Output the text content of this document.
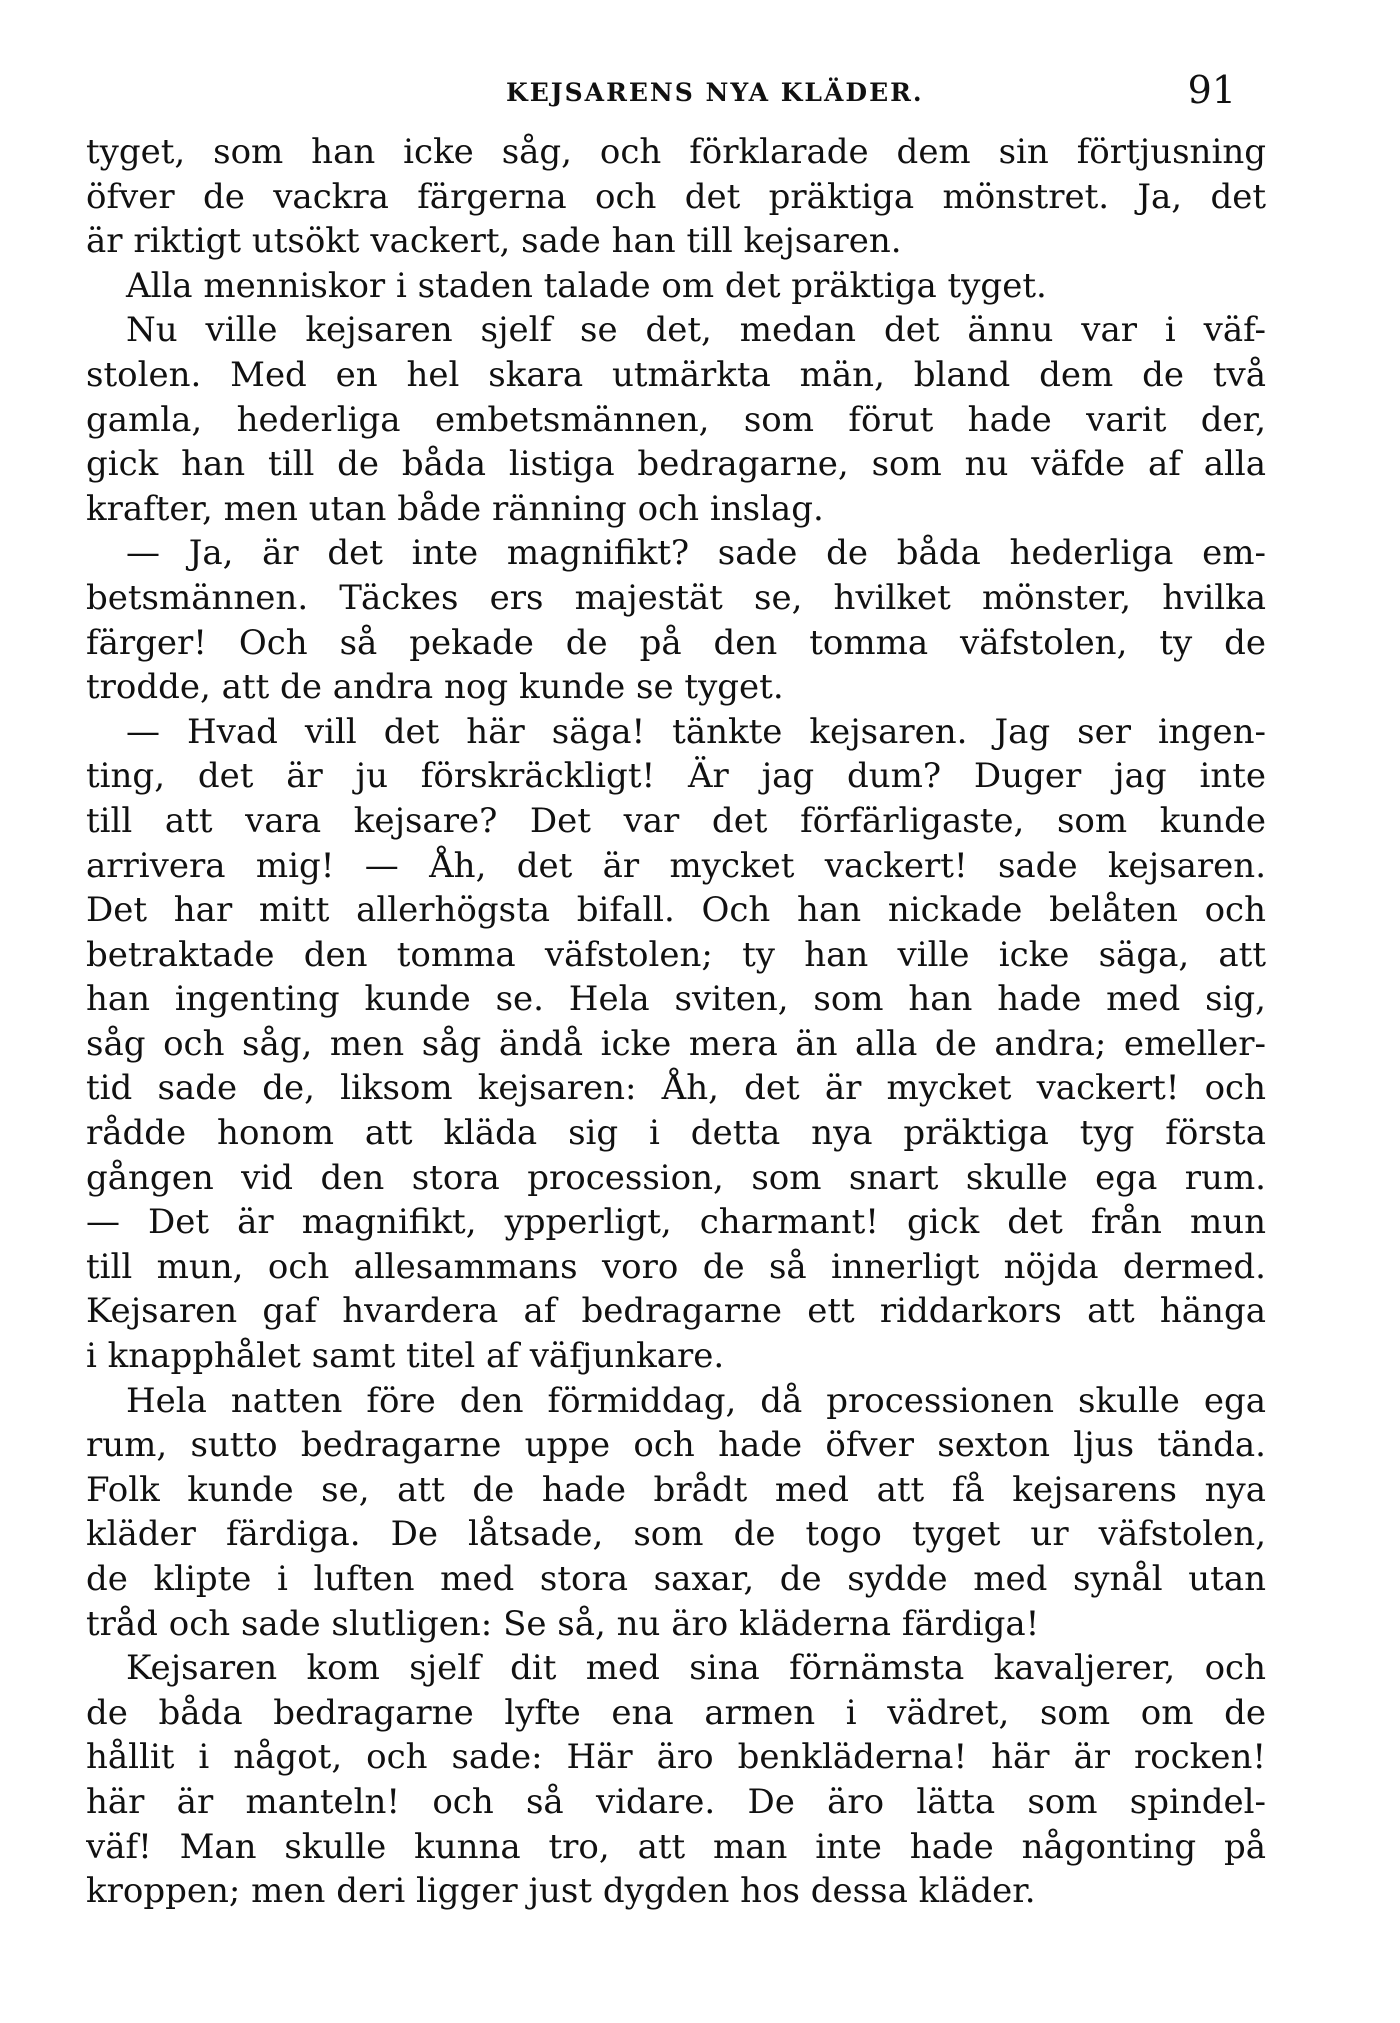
KEJSARENS NYA KLÄDER.	91
tyget, som han icke såg, och förklarade dem sin förtjusning
öfver de vackra färgerna och det präktiga mönstret. Ja, det
är riktigt utsökt vackert, sade han till kejsaren.
Alla menniskor i staden talade om det präktiga tyget.
Nu ville kejsaren sjelf se det, medan det ännu var i väf-
stolen. Med en hel skara utmärkta män, bland dem de två
gamla, hederliga embetsmännen, som förut hade varit der,
gick han till de båda listiga bedragarne, som nu väfde af alla
krafter, men utan både ränning och inslag.
— Ja, är det inte magnifikt? sade de båda hederliga em-
betsmännen. Täckes ers majestät se, hvilket mönster, hvilka
färger! Och så pekade de på den tomma väfstolen, ty de
trodde, att de andra nog kunde se tyget.
— Hvad vill det här säga! tänkte kejsaren. Jag ser ingen-
ting, det är ju förskräckligt! Är jag dum? Duger jag inte
till att vara kejsare? Det var det förfärligaste, som kunde
arrivera mig! — Åh, det är mycket vackert! sade kejsaren.
Det har mitt allerhögsta bifall. Och han nickade belåten och
betraktade den tomma väfstolen; ty han ville icke säga, att
han ingenting kunde se. Hela sviten, som han hade med sig,
såg och såg, men såg ändå icke mera än alla de andra; emeller-
tid sade de, liksom kejsaren: Åh, det är mycket vackert! och
rådde honom att kläda sig i detta nya präktiga tyg första
gången vid den stora procession, som snart skulle ega rum.
— Det är magnifikt, ypperligt, charmant! gick det från mun
till mun, och allesammans voro de så innerligt nöjda dermed.
Kejsaren gaf hvardera af bedragarne ett riddarkors att hänga
i knapphålet samt titel af väfjunkare.
Hela natten före den förmiddag, då processionen skulle ega
rum, sutto bedragarne uppe och hade öfver sexton ljus tända.
Folk kunde se, att de hade brådt med att få kejsarens nya
kläder färdiga. De låtsade, som de togo tyget ur väfstolen,
de klipte i luften med stora saxar, de sydde med synål utan
tråd och sade slutligen: Se så, nu äro kläderna färdiga!
Kejsaren kom sjelf dit med sina förnämsta kavaljerer, och
de båda bedragarne lyfte ena armen i vädret, som om de
hållit i något, och sade: Här äro benkläderna! här är rocken!
här är manteln! och så vidare. De äro lätta som spindel-
väf! Man skulle kunna tro, att man inte hade någonting på
kroppen; men deri ligger just dygden hos dessa kläder.
